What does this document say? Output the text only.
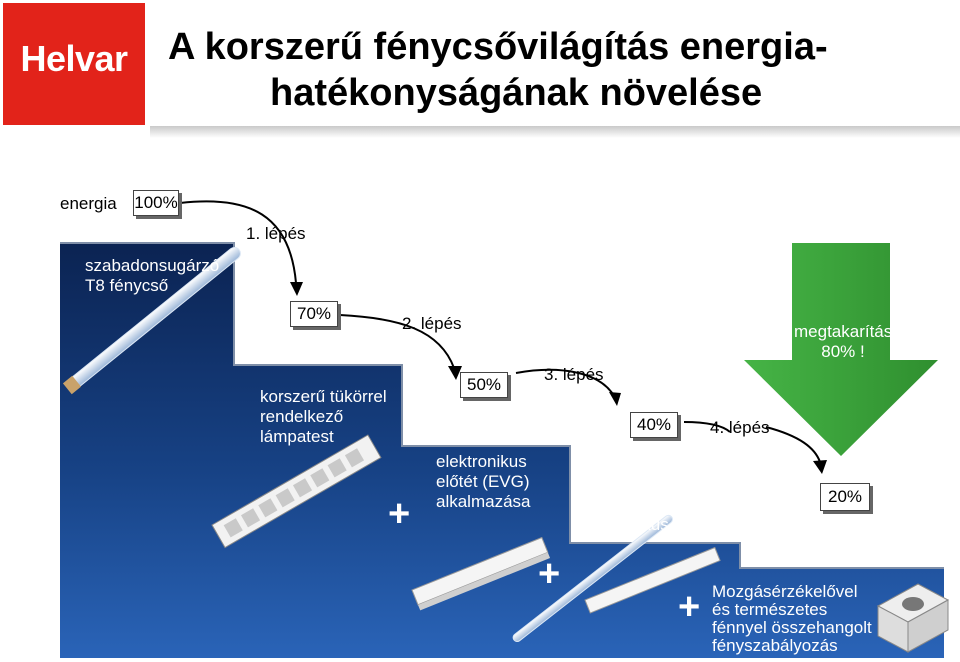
Helvar	A korszerű fénycsővilágítás energia-
hatékonyságának növelése
energia 100%
1. lépés
2. lépés
3. lépés
4. lépés
70%
50%
40%
20%
szabadonsugárzó
T8 fénycső
korszerű tükörrel
rendelkező
lámpatest
elektronikus
előtét (EVG)
alkalmazása	T5 fénycső és az
elektronikus előtét
Mozgásérzékelővel
és természetes
fénnyel összehangolt
fényszabályozás
megtakarítás
80% !
+
+
+
